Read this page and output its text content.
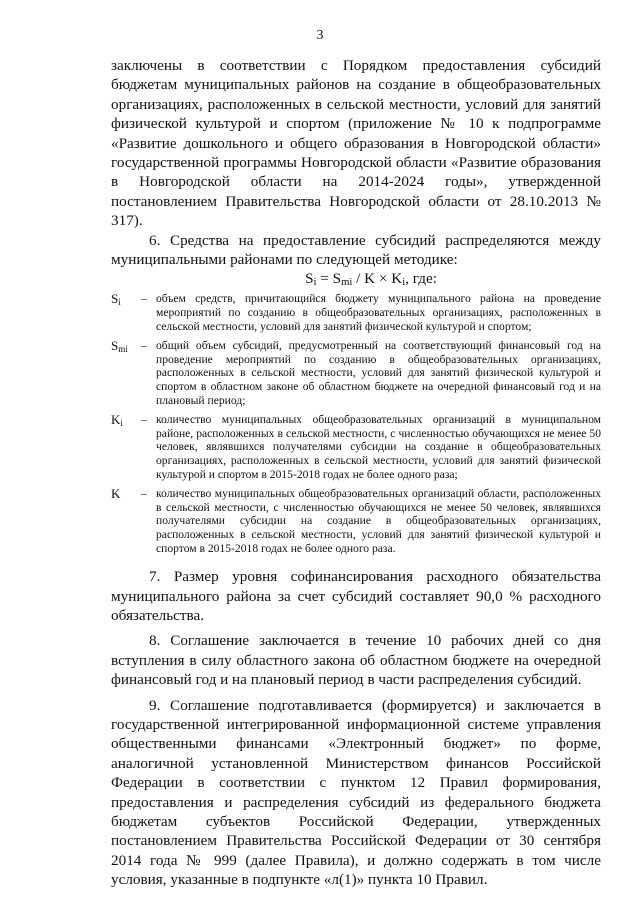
3

заключены в соответствии с Порядком предоставления субсидий бюджетам муниципальных районов на создание в общеобразовательных организациях, расположенных в сельской местности, условий для занятий физической культурой и спортом (приложение № 10 к подпрограмме «Развитие дошкольного и общего образования в Новгородской области» государственной программы Новгородской области «Развитие образования в Новгородской области на 2014-2024 годы», утвержденной постановлением Правительства Новгородской области от 28.10.2013 № 317).

6. Средства на предоставление субсидий распределяются между муниципальными районами по следующей методике:

$S_i = S_{mi} / K \times K_i$, где:
$S_i$	– объем средств, причитающийся бюджету муниципального района на проведение мероприятий по созданию в общеобразовательных организациях, расположенных в сельской местности, условий для занятий физической культурой и спортом;
$S_{mi}$	– общий объем субсидий, предусмотренный на соответствующий финансовый год на проведение мероприятий по созданию в общеобразовательных организациях, расположенных в сельской местности, условий для занятий физической культурой и спортом в областном законе об областном бюджете на очередной финансовый год и на плановый период;
$K_i$	– количество муниципальных общеобразовательных организаций в муниципальном районе, расположенных в сельской местности, с численностью обучающихся не менее 50 человек, являвшихся получателями субсидии на создание в общеобразовательных организациях, расположенных в сельской местности, условий для занятий физической культурой и спортом в 2015-2018 годах не более одного раза;
K	– количество муниципальных общеобразовательных организаций области, расположенных в сельской местности, с численностью обучающихся не менее 50 человек, являвшихся получателями субсидии на создание в общеобразовательных организациях, расположенных в сельской местности, условий для занятий физической культурой и спортом в 2015-2018 годах не более одного раза.

7. Размер уровня софинансирования расходного обязательства муниципального района за счет субсидий составляет 90,0 % расходного обязательства.

8. Соглашение заключается в течение 10 рабочих дней со дня вступления в силу областного закона об областном бюджете на очередной финансовый год и на плановый период в части распределения субсидий.

9. Соглашение подготавливается (формируется) и заключается в государственной интегрированной информационной системе управления общественными финансами «Электронный бюджет» по форме, аналогичной установленной Министерством финансов Российской Федерации в соответствии с пунктом 12 Правил формирования, предоставления и распределения субсидий из федерального бюджета бюджетам субъектов Российской Федерации, утвержденных постановлением Правительства Российской Федерации от 30 сентября 2014 года № 999 (далее Правила), и должно содержать в том числе условия, указанные в подпункте «л(1)» пункта 10 Правил.
